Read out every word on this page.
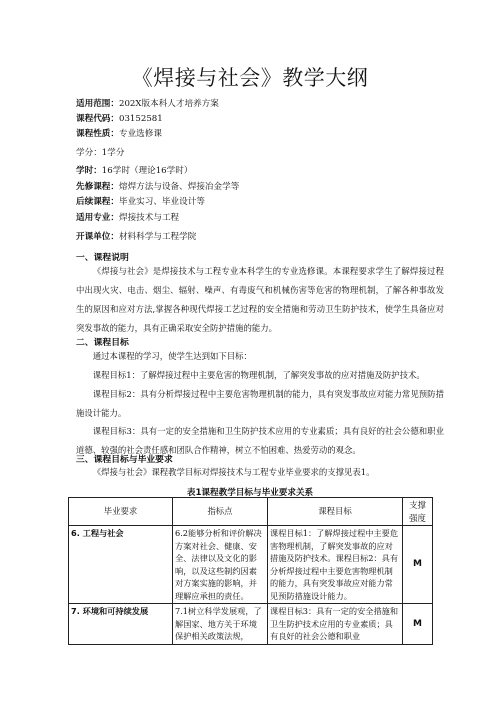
《焊接与社会》教学大纲
适用范围：202X版本科人才培养方案
课程代码：03152581
课程性质：专业选修课
学分：1学分
学时：16学时（理论16学时）
先修课程：熔焊方法与设备、焊接冶金学等
后续课程：毕业实习、毕业设计等
适用专业：焊接技术与工程
开课单位：材料科学与工程学院
一、课程说明
《焊接与社会》是焊接技术与工程专业本科学生的专业选修课。本课程要求学生了解焊接过程中出现火灾、电击、烟尘、辐射、噪声、有毒废气和机械伤害等危害的物理机制，了解各种事故发生的原因和应对方法,掌握各种现代焊接工艺过程的安全措施和劳动卫生防护技术，使学生具备应对突发事故的能力，具有正确采取安全防护措施的能力。
二、课程目标
通过本课程的学习，使学生达到如下目标：
课程目标1：了解焊接过程中主要危害的物理机制，了解突发事故的应对措施及防护技术。
课程目标2：具有分析焊接过程中主要危害物理机制的能力，具有突发事故应对能力常见预防措施设计能力。
课程目标3：具有一定的安全措施和卫生防护技术应用的专业素质；具有良好的社会公德和职业道德、较强的社会责任感和团队合作精神，树立不怕困难、热爱劳动的观念。
三、课程目标与毕业要求
《焊接与社会》课程教学目标对焊接技术与工程专业毕业要求的支撑见表1。
表1课程教学目标与毕业要求关系
毕业要求	指标点	课程目标	支撑强度
6. 工程与社会	6.2能够分析和评价解决方案对社会、健康、安全、法律以及文化的影响，以及这些制约因素对方案实施的影响，并理解应承担的责任。	课程目标1：了解焊接过程中主要危害物理机制，了解突发事故的应对措施及防护技术。课程目标2：具有分析焊接过程中主要危害物理机制的能力，具有突发事故应对能力常见预防措施设计能力。	M
7. 环境和可持续发展	7.1树立科学发展观，了解国家、地方关于环境保护相关政策法规，	课程目标3：具有一定的安全措施和卫生防护技术应用的专业素质；具有良好的社会公德和职业	M
